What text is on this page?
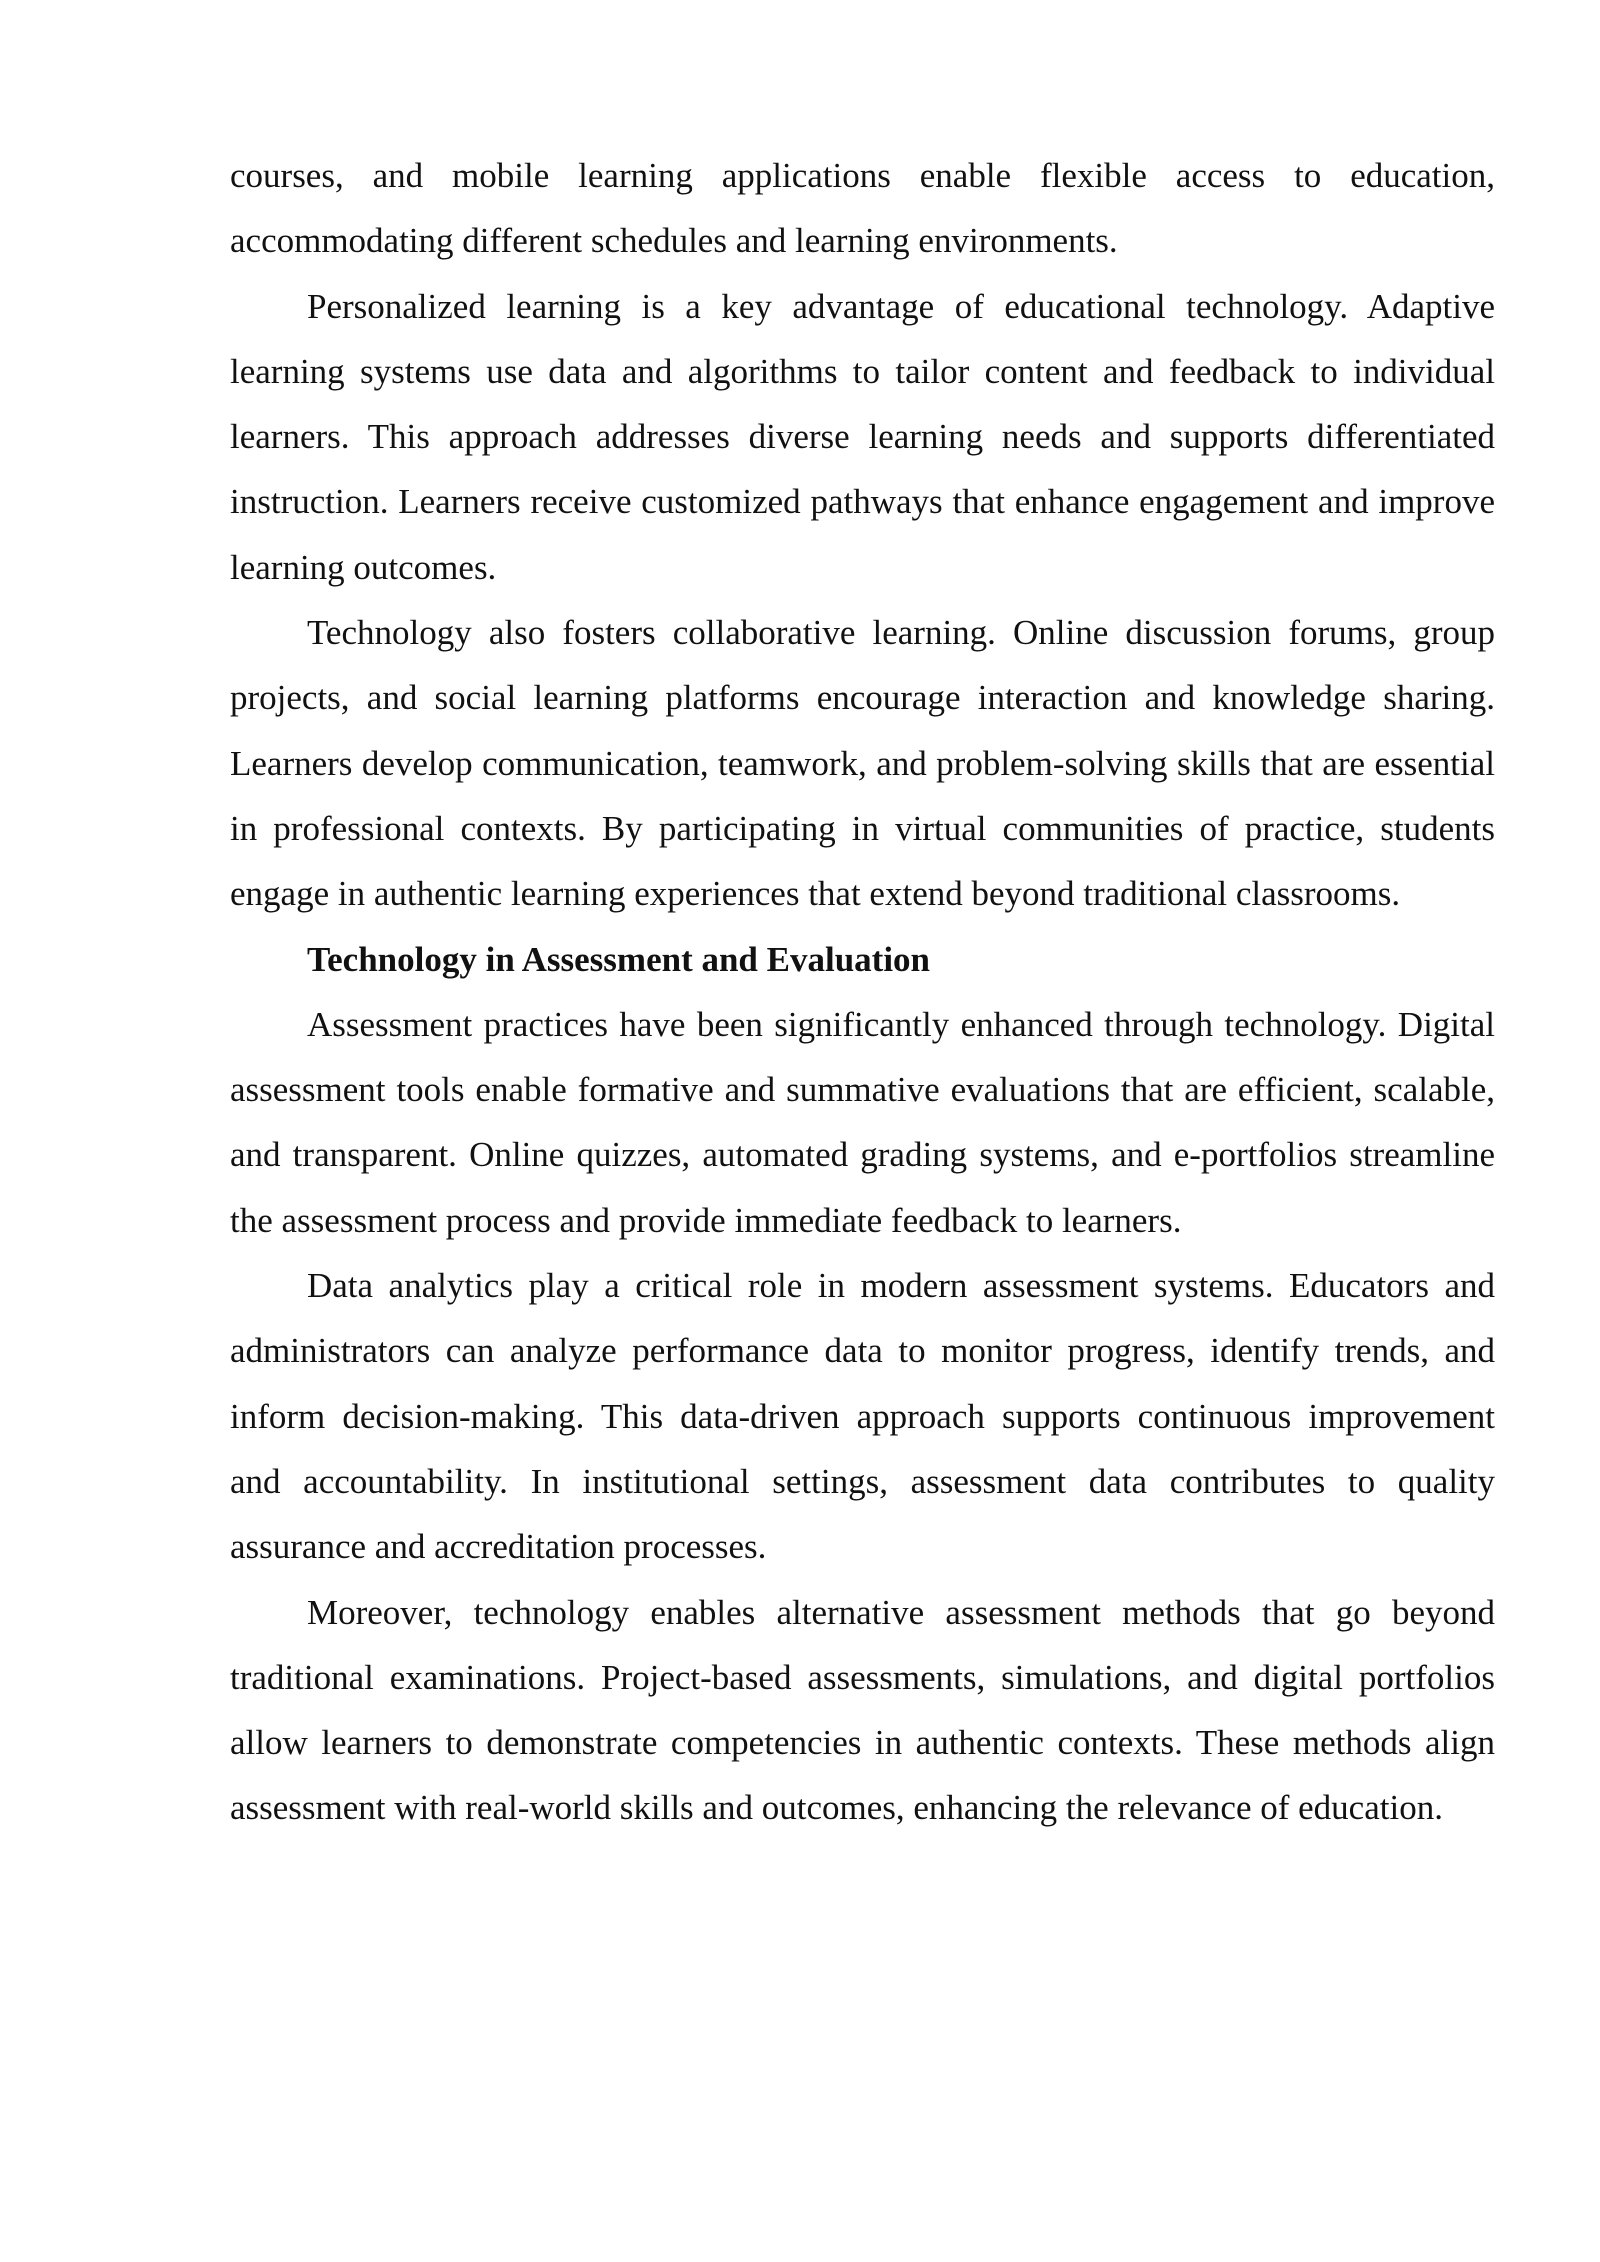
courses, and mobile learning applications enable flexible access to education, accommodating different schedules and learning environments.

Personalized learning is a key advantage of educational technology. Adaptive learning systems use data and algorithms to tailor content and feedback to individual learners. This approach addresses diverse learning needs and supports differentiated instruction. Learners receive customized pathways that enhance engagement and improve learning outcomes.

Technology also fosters collaborative learning. Online discussion forums, group projects, and social learning platforms encourage interaction and knowledge sharing. Learners develop communication, teamwork, and problem-solving skills that are essential in professional contexts. By participating in virtual communities of practice, students engage in authentic learning experiences that extend beyond traditional classrooms.

Technology in Assessment and Evaluation

Assessment practices have been significantly enhanced through technology. Digital assessment tools enable formative and summative evaluations that are efficient, scalable, and transparent. Online quizzes, automated grading systems, and e-portfolios streamline the assessment process and provide immediate feedback to learners.

Data analytics play a critical role in modern assessment systems. Educators and administrators can analyze performance data to monitor progress, identify trends, and inform decision-making. This data-driven approach supports continuous improvement and accountability. In institutional settings, assessment data contributes to quality assurance and accreditation processes.

Moreover, technology enables alternative assessment methods that go beyond traditional examinations. Project-based assessments, simulations, and digital portfolios allow learners to demonstrate competencies in authentic contexts. These methods align assessment with real-world skills and outcomes, enhancing the relevance of education.
